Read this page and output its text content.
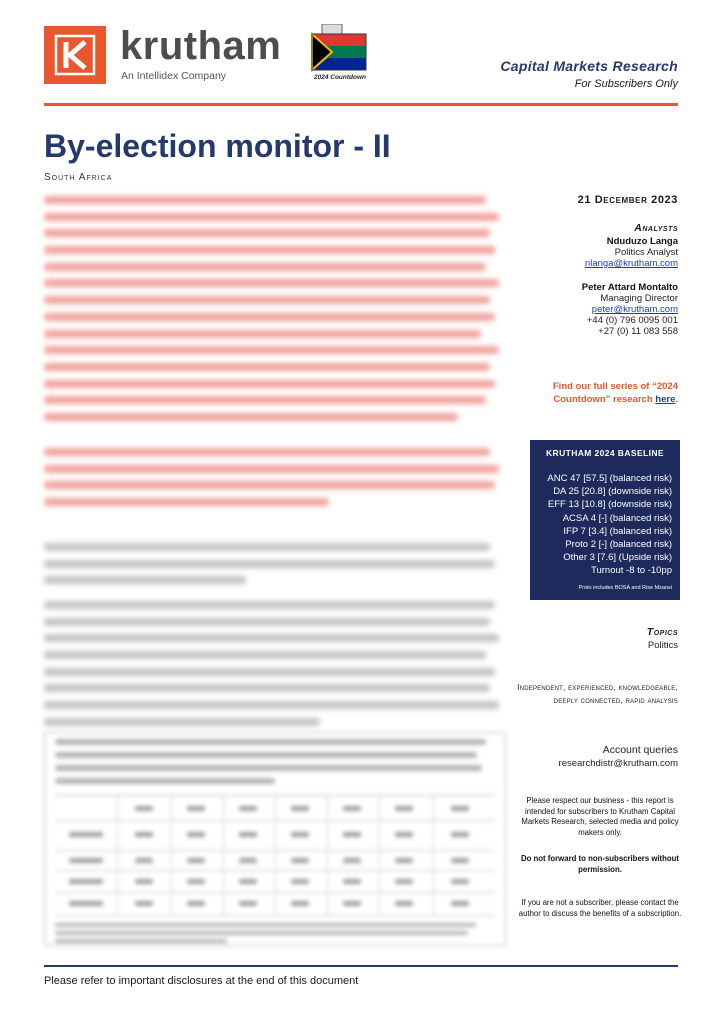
krutham
An Intellidex Company	2024 Countdown
Capital Markets Research
For Subscribers Only
By-election monitor - II
South Africa
21 December 2023
Analysts
Nduduzo Langa
Politics Analyst
nlanga@krutham.com
Peter Attard Montalto
Managing Director
peter@krutham.com
+44 (0) 796 0095 001
+27 (0) 11 083 558
Find our full series of “2024 Countdown” research here.
KRUTHAM 2024 BASELINE
ANC 47 [57.5] (balanced risk)
DA 25 [20.8] (downside risk)
EFF 13 [10.8] (downside risk)
ACSA 4 [-] (balanced risk)
IFP 7 [3.4] (balanced risk)
Proto 2 [-] (balanced risk)
Other 3 [7.6] (Upside risk)
Turnout -8 to -10pp
Proto includes BOSA and Rise Mzansi
Topics
Politics
Independent, experienced, knowledgeable, deeply connected, rapid analysis
Account queries
researchdistr@krutham.com
Please respect our business - this report is intended for subscribers to Krutham Capital Markets Research, selected media and policy makers only.
Do not forward to non-subscribers without permission.
If you are not a subscriber, please contact the author to discuss the benefits of a subscription.
Please refer to important disclosures at the end of this document
